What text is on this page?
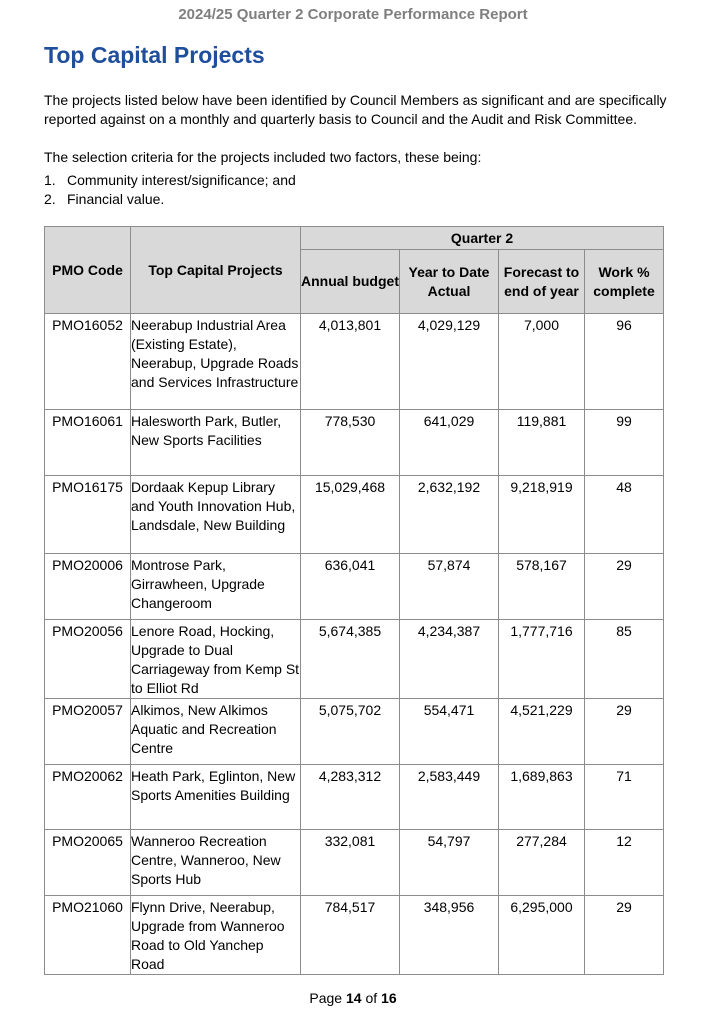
2024/25 Quarter 2 Corporate Performance Report
Top Capital Projects

The projects listed below have been identified by Council Members as significant and are specifically reported against on a monthly and quarterly basis to Council and the Audit and Risk Committee.

The selection criteria for the projects included two factors, these being:

1. Community interest/significance; and
2. Financial value.
PMO Code	Top Capital Projects	Quarter 2			
		Annual budget	Year to Date Actual	Forecast to end of year	Work % complete
PMO16052	Neerabup Industrial Area (Existing Estate), Neerabup, Upgrade Roads and Services Infrastructure	4,013,801	4,029,129	7,000	96
PMO16061	Halesworth Park, Butler, New Sports Facilities	778,530	641,029	119,881	99
PMO16175	Dordaak Kepup Library and Youth Innovation Hub, Landsdale, New Building	15,029,468	2,632,192	9,218,919	48
PMO20006	Montrose Park, Girrawheen, Upgrade Changeroom	636,041	57,874	578,167	29
PMO20056	Lenore Road, Hocking, Upgrade to Dual Carriageway from Kemp St to Elliot Rd	5,674,385	4,234,387	1,777,716	85
PMO20057	Alkimos, New Alkimos Aquatic and Recreation Centre	5,075,702	554,471	4,521,229	29
PMO20062	Heath Park, Eglinton, New Sports Amenities Building	4,283,312	2,583,449	1,689,863	71
PMO20065	Wanneroo Recreation Centre, Wanneroo, New Sports Hub	332,081	54,797	277,284	12
PMO21060	Flynn Drive, Neerabup, Upgrade from Wanneroo Road to Old Yanchep Road	784,517	348,956	6,295,000	29
Page 14 of 16
